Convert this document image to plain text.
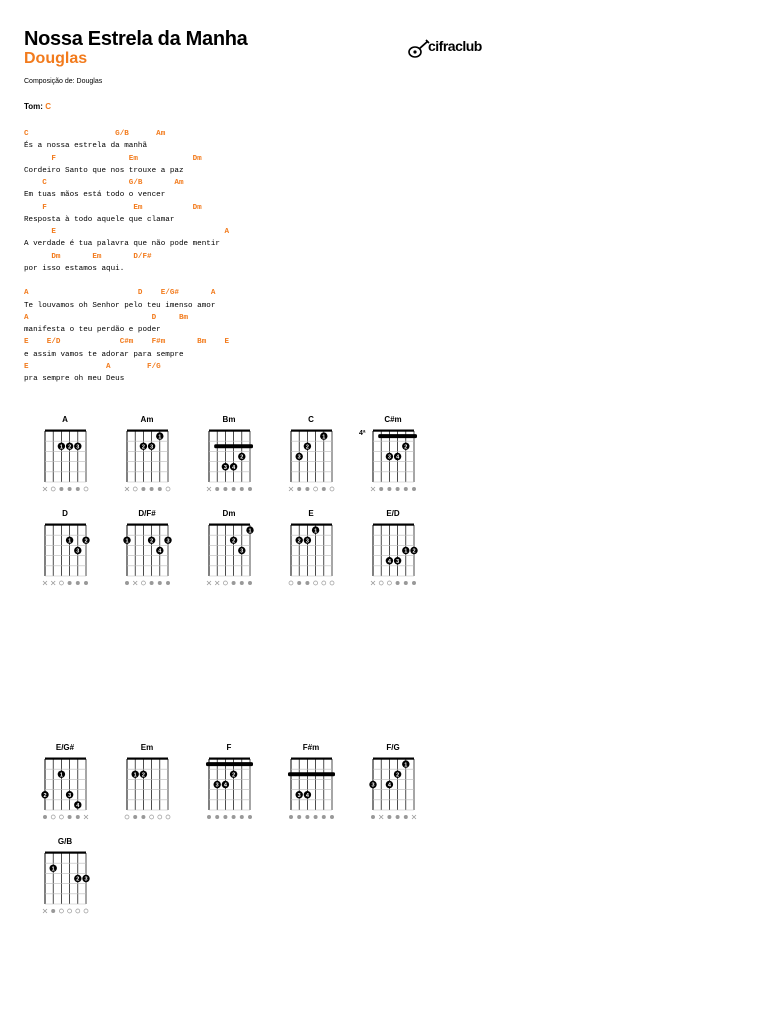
Nossa Estrela da Manha
Douglas
Composição de: Douglas
cifraclub
Tom: C
C                   G/B      Am
És a nossa estrela da manhã
F                Em            Dm
Cordeiro Santo que nos trouxe a paz
C                  G/B       Am
Em tuas mãos está todo o vencer
F                   Em           Dm
Resposta à todo aquele que clamar
E                                     A
A verdade é tua palavra que não pode mentir
Dm       Em       D/F#
por isso estamos aqui.
A                        D    E/G#       A
Te louvamos oh Senhor pelo teu imenso amor
A                           D     Bm
manifesta o teu perdão e poder
E    E/D             C#m    F#m       Bm    E
e assim vamos te adorar para sempre
E                 A        F/G
pra sempre oh meu Deus
A
1 2 3
Am
2 3
1
Bm
2
3 4
C
3
2
1
C#m
4ª
2
3 4
D
1 2
3
D/F#
1	2 3
4
Dm
1
2
3
E
2 3
1
E/D
1 2
3
4
E/G#
1
2	3
4
Em
1 2
F
2
3 4
F#m
3 4
F/G
1
2
3 4
G/B
1
2 3
